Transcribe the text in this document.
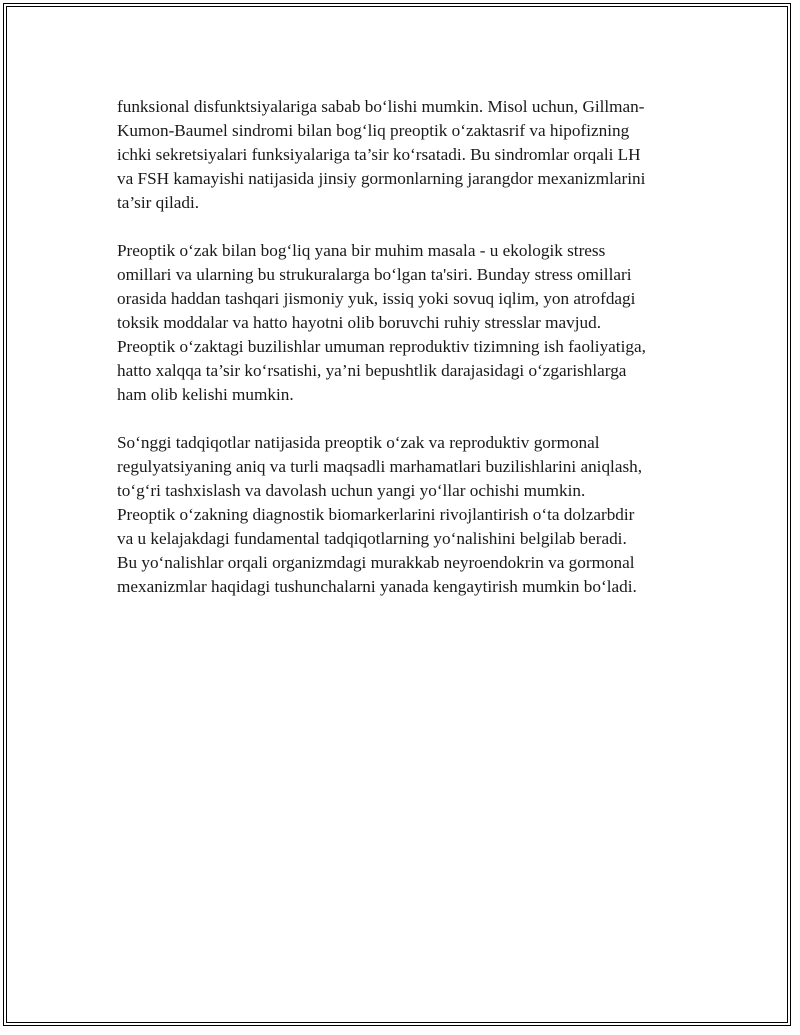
funksional disfunktsiyalariga sabab bo‘lishi mumkin. Misol uchun, Gillman-
Kumon-Baumel sindromi bilan bog‘liq preoptik o‘zaktasrif va hipofizning
ichki sekretsiyalari funksiyalariga ta’sir ko‘rsatadi. Bu sindromlar orqali LH
va FSH kamayishi natijasida jinsiy gormonlarning jarangdor mexanizmlarini
ta’sir qiladi.

Preoptik o‘zak bilan bog‘liq yana bir muhim masala - u ekologik stress
omillari va ularning bu strukuralarga bo‘lgan ta'siri. Bunday stress omillari
orasida haddan tashqari jismoniy yuk, issiq yoki sovuq iqlim, yon atrofdagi
toksik moddalar va hatto hayotni olib boruvchi ruhiy stresslar mavjud.
Preoptik o‘zaktagi buzilishlar umuman reproduktiv tizimning ish faoliyatiga,
hatto xalqqa ta’sir ko‘rsatishi, ya’ni bepushtlik darajasidagi o‘zgarishlarga
ham olib kelishi mumkin.

So‘nggi tadqiqotlar natijasida preoptik o‘zak va reproduktiv gormonal
regulyatsiyaning aniq va turli maqsadli marhamatlari buzilishlarini aniqlash,
to‘g‘ri tashxislash va davolash uchun yangi yo‘llar ochishi mumkin.
Preoptik o‘zakning diagnostik biomarkerlarini rivojlantirish o‘ta dolzarbdir
va u kelajakdagi fundamental tadqiqotlarning yo‘nalishini belgilab beradi.
Bu yo‘nalishlar orqali organizmdagi murakkab neyroendokrin va gormonal
mexanizmlar haqidagi tushunchalarni yanada kengaytirish mumkin bo‘ladi.
